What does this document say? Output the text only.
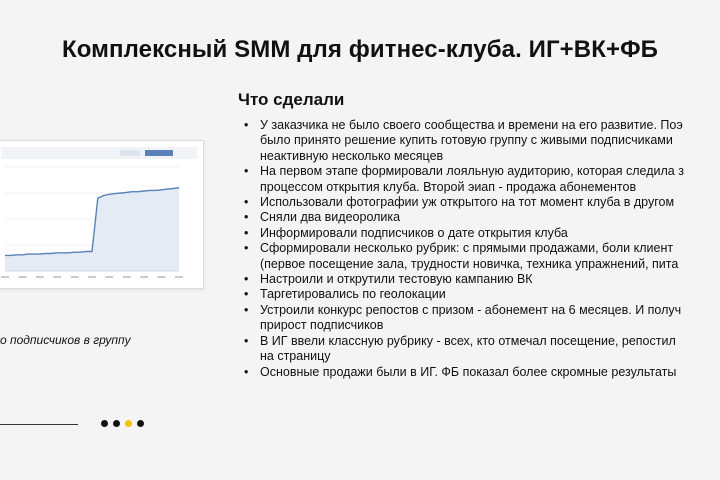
Комплексный SMM для фитнес-клуба. ИГ+ВК+ФБ
о подписчиков в группу
Что сделали
• У заказчика не было своего сообщества и времени на его развитие. Поэ
было принято решение купить готовую группу с живыми подписчиками
неактивную несколько месяцев
• На первом этапе формировали лояльную аудиторию, которая следила з
процессом открытия клуба. Второй эиап - продажа абонементов
• Использовали фотографии уж открытого на тот момент клуба в другом
• Сняли два видеоролика
• Информировали подписчиков о дате открытия клуба
• Сформировали несколько рубрик: с прямыми продажами, боли клиент
(первое посещение зала, трудности новичка, техника упражнений, пита
• Настроили и открутили тестовую кампанию ВК
• Таргетировались по геолокации
• Устроили конкурс репостов с призом - абонемент на 6 месяцев. И получ
прирост подписчиков
• В ИГ ввели классную рубрику - всех, кто отмечал посещение, репостил
на страницу
• Основные продажи были в ИГ. ФБ показал более скромные результаты
